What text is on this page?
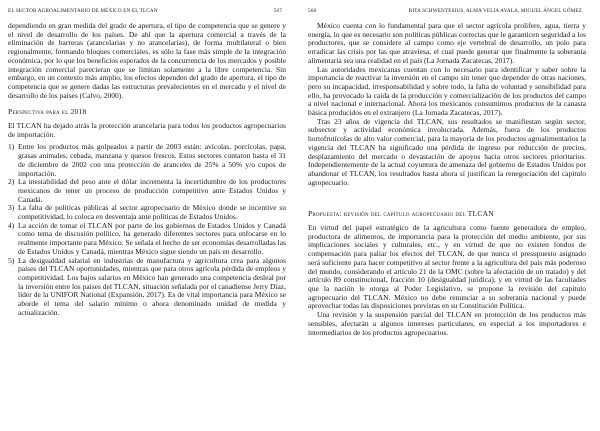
EL SECTOR AGROALIMENTARIO DE MÉXICO EN EL TLCAN	567

dependiendo en gran medida del grado de apertura, el tipo de competencia que se genere y el nivel de desarrollo de los países. De ahí que la apertura comercial a través de la eliminación de barreras (arancelarias y no arancelarias), de forma multilateral o bien regionalmente, formando bloques comerciales, es sólo la fase más simple de la integración económica, por lo que los beneficios esperados de la concurrencia de los mercados y posible integración comercial parecieran que se limitan solamente a la libre competencia. Sin embargo, en un contexto más amplio, los efectos dependen del grado de apertura, el tipo de competencia que se genere dadas las estructuras prevalecientes en el mercado y el nivel de desarrollo de los países (Calvo, 2000).

Perspectiva para el 2018

El TLCAN ha dejado atrás la protección arancelaria para todos los productos agropecuarios de importación.

1) Entre los productos más golpeados a partir de 2003 están: avícolas, porcícolas, papa, grasas animales, cebada, manzana y quesos frescos. Estos sectores contaron hasta el 31 de diciembre de 2002 con una protección de aranceles de 25% a 50% y/o cupos de importación.
2) La inestabilidad del peso ante el dólar incrementa la incertidumbre de los productores mexicanos de tener un proceso de producción competitivo ante Estados Unidos y Canadá.
3) La falta de políticas públicas al sector agropecuario de México donde se incentive su competitividad, lo coloca en desventaja ante políticas de Estados Unidos.
4) La acción de tomar el TLCAN por parte de los gobiernos de Estados Unidos y Canadá como tema de discusión político, ha generado diferentes sectores para enfocarse en lo realmente importante para México. Se señala el hecho de ser economías desarrolladas las de Estados Unidos y Canadá, mientras México sigue siendo un país en desarrollo.
5) La desigualdad salarial en industrias de manufactura y agricultura crea para algunos países del TLCAN oportunidades, mientras que para otros agrícola pérdida de empleos y competitividad. Los bajos salarios en México han generado una competencia desleal por la inversión entre los países del TLCAN, situación señalada por el canadiense Jerry Diaz, líder de la UNIFOR National (Expansión, 2017). Es de vital importancia para México se aborde el tema del salario mínimo o ahora denominado unidad de medida y actualización.
568	RITA SCHWENTESIUS, ALMA VELIA AYALA, MIGUEL ÁNGEL GÓMEZ

México cuenta con lo fundamental para que el sector agrícola prolifere, agua, tierra y energía, lo que es necesario son políticas públicas correctas que le garanticen seguridad a los productores, que se considere al campo como eje vertebral de desarrollo, un polo para erradicar las crisis por las que atraviesa, el cual puede generar que finalmente la soberanía alimentaria sea una realidad en el país (La Jornada Zacatecas, 2017).

Las autoridades mexicanas cuentan con lo necesario para identificar y saber sobre la importancia de reactivar la inversión en el campo sin tener que depender de otras naciones, pero su incapacidad, irresponsabilidad y sobre todo, la falta de voluntad y sensibilidad para ello, ha provocado la caída de la producción y comercialización de los productos del campo a nivel nacional e internacional. Ahora los mexicanos consumimos productos de la canasta básica producidos en el extranjero (La Jornada Zacatecas, 2017).

Tras 23 años de vigencia del TLCAN, sus resultados se manifiestan según sector, subsector y actividad económica involucrada. Además, fuera de los productos hortofrutícolas de alto valor comercial, para la mayoría de los productos agroalimentarios la vigencia del TLCAN ha significado una pérdida de ingreso por reducción de precios, desplazamiento del mercado o devastación de apoyos hacia otros sectores prioritarios. Independientemente de la actual coyuntura de amenaza del gobierno de Estados Unidos por abandonar el TLCAN, los resultados hasta ahora sí justifican la renegociación del capítulo agropecuario.

Propuesta: revisión del capítulo agropecuario del TLCAN

En virtud del papel estratégico de la agricultura como fuente generadora de empleo, productora de alimentos, de importancia para la protección del medio ambiente, por sus implicaciones sociales y culturales, etc., y en virtud de que no existen fondos de compensación para paliar los efectos del TLCAN, de que nunca el presupuesto asignado será suficiente para hacer competitivo al sector frente a la agricultura del país más poderoso del mundo, considerando el artículo 21 de la OMC (sobre la afectación de un tratado) y del artículo 89 constitucional, fracción 10 (desigualdad jurídica), y en virtud de las facultades que la nación le otorga al Poder Legislativo, se propone la revisión del capítulo agropecuario del TLCAN. México no debe renunciar a su soberanía nacional y puede aprovechar todas las disposiciones previstas en su Constitución Política.

Una revisión y la suspensión parcial del TLCAN en protección de los productos más sensibles, afectarán a algunos intereses particulares, en especial a los importadores e intermediarios de los productos agropecuarios.
